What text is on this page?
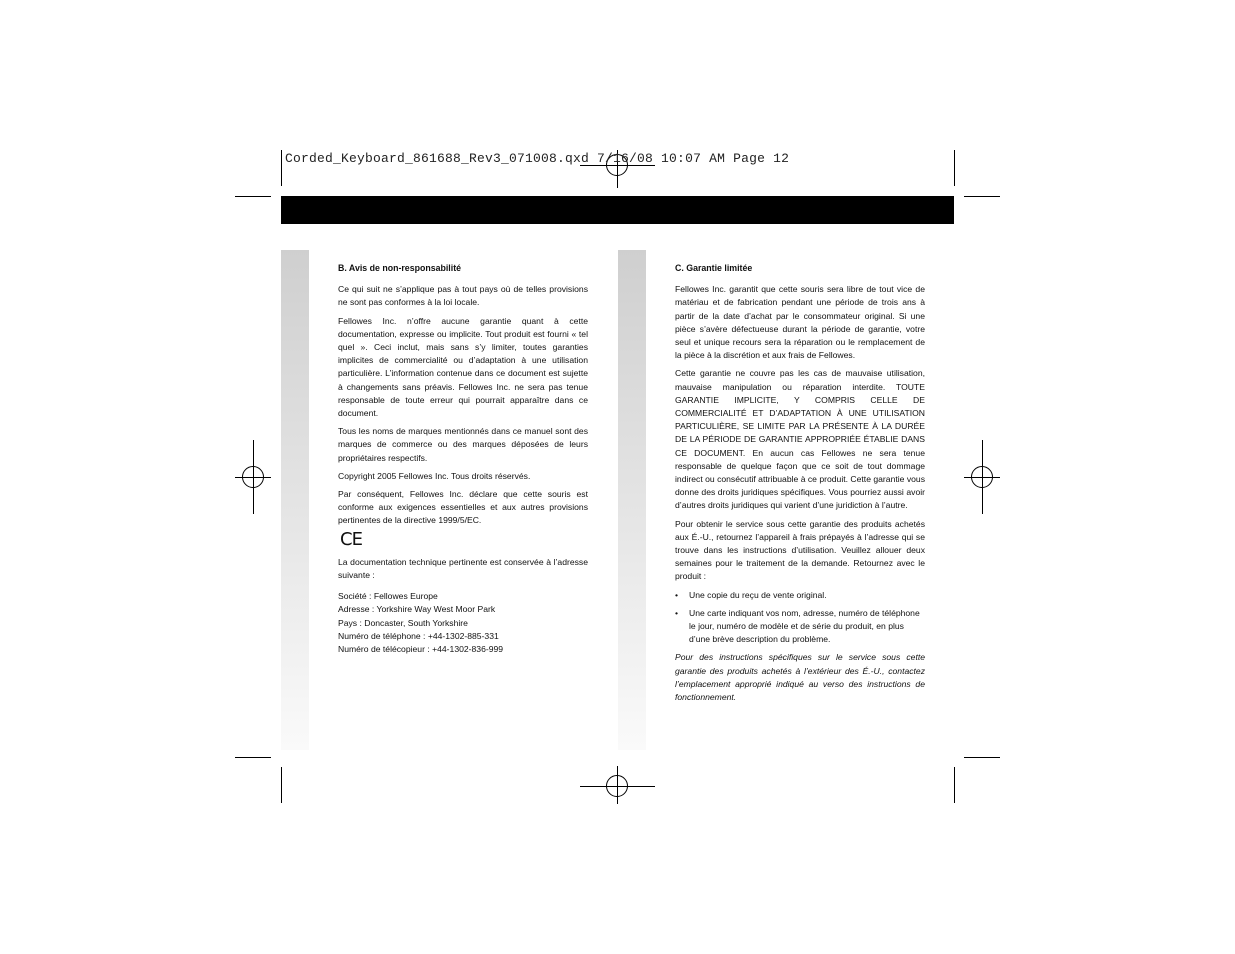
Corded_Keyboard_861688_Rev3_071008.qxd 7/16/08 10:07 AM Page 12
B. Avis de non-responsabilité

Ce qui suit ne s’applique pas à tout pays où de telles provisions ne sont pas conformes à la loi locale.

Fellowes Inc. n’offre aucune garantie quant à cette documentation, expresse ou implicite. Tout produit est fourni « tel quel ». Ceci inclut, mais sans s’y limiter, toutes garanties implicites de commercialité ou d’adaptation à une utilisation particulière. L’information contenue dans ce document est sujette à changements sans préavis. Fellowes Inc. ne sera pas tenue responsable de toute erreur qui pourrait apparaître dans ce document.

Tous les noms de marques mentionnés dans ce manuel sont des marques de commerce ou des marques déposées de leurs propriétaires respectifs.

Copyright 2005 Fellowes Inc. Tous droits réservés.

Par conséquent, Fellowes Inc. déclare que cette souris est conforme aux exigences essentielles et aux autres provisions pertinentes de la directive 1999/5/EC.

CE

La documentation technique pertinente est conservée à l’adresse suivante :

Société : Fellowes Europe

Adresse : Yorkshire Way West Moor Park

Pays : Doncaster, South Yorkshire

Numéro de téléphone : +44-1302-885-331

Numéro de télécopieur : +44-1302-836-999

C. Garantie limitée

Fellowes Inc. garantit que cette souris sera libre de tout vice de matériau et de fabrication pendant une période de trois ans à partir de la date d’achat par le consommateur original. Si une pièce s’avère défectueuse durant la période de garantie, votre seul et unique recours sera la réparation ou le remplacement de la pièce à la discrétion et aux frais de Fellowes.

Cette garantie ne couvre pas les cas de mauvaise utilisation, mauvaise manipulation ou réparation interdite. TOUTE GARANTIE IMPLICITE, Y COMPRIS CELLE DE COMMERCIALITÉ ET D’ADAPTATION À UNE UTILISATION PARTICULIÈRE, SE LIMITE PAR LA PRÉSENTE À LA DURÉE DE LA PÉRIODE DE GARANTIE APPROPRIÉE ÉTABLIE DANS CE DOCUMENT. En aucun cas Fellowes ne sera tenue responsable de quelque façon que ce soit de tout dommage indirect ou consécutif attribuable à ce produit. Cette garantie vous donne des droits juridiques spécifiques. Vous pourriez aussi avoir d’autres droits juridiques qui varient d’une juridiction à l’autre.

Pour obtenir le service sous cette garantie des produits achetés aux É.-U., retournez l’appareil à frais prépayés à l’adresse qui se trouve dans les instructions d’utilisation. Veuillez allouer deux semaines pour le traitement de la demande. Retournez avec le produit :

• Une copie du reçu de vente original.
• Une carte indiquant vos nom, adresse, numéro de téléphone le jour, numéro de modèle et de série du produit, en plus d’une brève description du problème.

Pour des instructions spécifiques sur le service sous cette garantie des produits achetés à l’extérieur des É.-U., contactez l’emplacement approprié indiqué au verso des instructions de fonctionnement.
